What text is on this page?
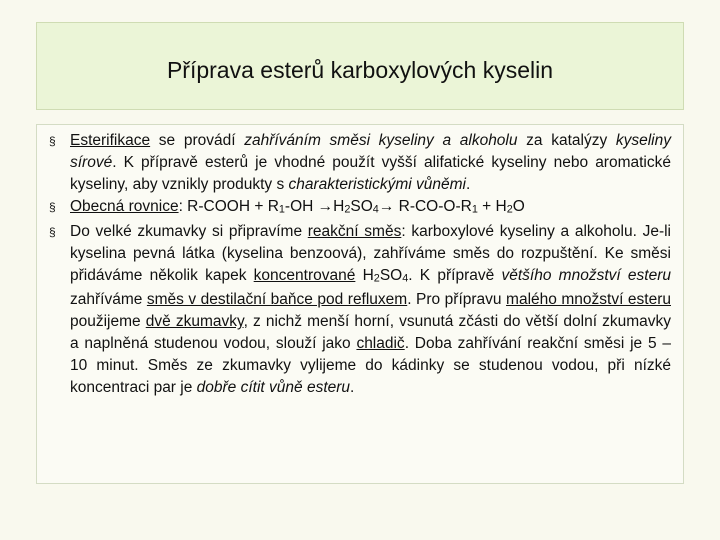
Příprava esterů karboxylových kyselin
§ Esterifikace se provádí zahříváním směsi kyseliny a alkoholu za katalýzy kyseliny sírové. K přípravě esterů je vhodné použít vyšší alifatické kyseliny nebo aromatické kyseliny, aby vznikly produkty s charakteristickými vůněmi.
§ Obecná rovnice: R-COOH + $R_1-OH \to H_2SO_4\to R-CO-O-R_1 + H_2O$
§ Do velké zkumavky si připravíme reakční směs: karboxylové kyseliny a alkoholu. Je-li kyselina pevná látka (kyselina benzoová), zahříváme směs do rozpuštění. Ke směsi přidáváme několik kapek koncentrované $H_2SO_4$. K přípravě většího množství esteru zahříváme směs v destilační baňce pod refluxem. Pro přípravu malého množství esteru použijeme dvě zkumavky, z nichž menší horní, vsunutá zčásti do větší dolní zkumavky a naplněná studenou vodou, slouží jako chladič. Doba zahřívání reakční směsi je 5 – 10 minut. Směs ze zkumavky vylijeme do kádinky se studenou vodou, při nízké koncentraci par je dobře cítit vůně esteru.
